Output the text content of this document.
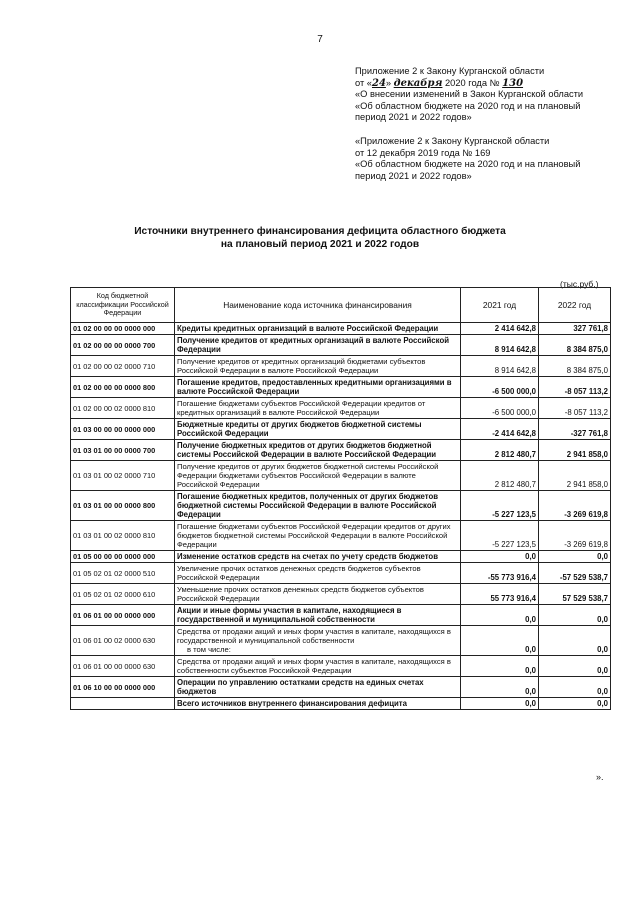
7
Приложение 2 к Закону Курганской области
от «24» декабря 2020 года № 130
«О внесении изменений в Закон Курганской области
«Об областном бюджете на 2020 год и на плановый
период 2021 и 2022 годов»
«Приложение 2 к Закону Курганской области
от 12 декабря 2019 года № 169
«Об областном бюджете на 2020 год и на плановый
период 2021 и 2022 годов»
Источники внутреннего финансирования дефицита областного бюджета
на плановый период 2021 и 2022 годов
(тыс.руб.)
Код бюджетной классификации Российской Федерации	Наименование кода источника финансирования	2021 год	2022 год
01 02 00 00 00 0000 000	Кредиты кредитных организаций в валюте Российской Федерации	2 414 642,8	327 761,8
01 02 00 00 00 0000 700	Получение кредитов от кредитных организаций в валюте Российской Федерации	8 914 642,8	8 384 875,0
01 02 00 00 02 0000 710	Получение кредитов от кредитных организаций бюджетами субъектов Российской Федерации в валюте Российской Федерации	8 914 642,8	8 384 875,0
01 02 00 00 00 0000 800	Погашение кредитов, предоставленных кредитными организациями в валюте Российской Федерации	-6 500 000,0	-8 057 113,2
01 02 00 00 02 0000 810	Погашение бюджетами субъектов Российской Федерации кредитов от кредитных организаций в валюте Российской Федерации	-6 500 000,0	-8 057 113,2
01 03 00 00 00 0000 000	Бюджетные кредиты от других бюджетов бюджетной системы Российской Федерации	-2 414 642,8	-327 761,8
01 03 01 00 00 0000 700	Получение бюджетных кредитов от других бюджетов бюджетной системы Российской Федерации в валюте Российской Федерации	2 812 480,7	2 941 858,0
01 03 01 00 02 0000 710	Получение кредитов от других бюджетов бюджетной системы Российской Федерации бюджетами субъектов Российской Федерации в валюте Российской Федерации	2 812 480,7	2 941 858,0
01 03 01 00 00 0000 800	Погашение бюджетных кредитов, полученных от других бюджетов бюджетной системы Российской Федерации в валюте Российской Федерации	-5 227 123,5	-3 269 619,8
01 03 01 00 02 0000 810	Погашение бюджетами субъектов Российской Федерации кредитов от других бюджетов бюджетной системы Российской Федерации в валюте Российской Федерации	-5 227 123,5	-3 269 619,8
01 05 00 00 00 0000 000	Изменение остатков средств на счетах по учету средств бюджетов	0,0	0,0
01 05 02 01 02 0000 510	Увеличение прочих остатков денежных средств бюджетов субъектов Российской Федерации	-55 773 916,4	-57 529 538,7
01 05 02 01 02 0000 610	Уменьшение прочих остатков денежных средств бюджетов субъектов Российской Федерации	55 773 916,4	57 529 538,7
01 06 01 00 00 0000 000	Акции и иные формы участия в капитале, находящиеся в государственной и муниципальной собственности	0,0	0,0
01 06 01 00 02 0000 630	Средства от продажи акций и иных форм участия в капитале, находящихся в государственной и муниципальной собственности
в том числе:	0,0	0,0
01 06 01 00 00 0000 630	Средства от продажи акций и иных форм участия в капитале, находящихся в собственности субъектов Российской Федерации	0,0	0,0
01 06 10 00 00 0000 000	Операции по управлению остатками средств на единых счетах бюджетов	0,0	0,0
	Всего источников внутреннего финансирования дефицита	0,0	0,0
».
